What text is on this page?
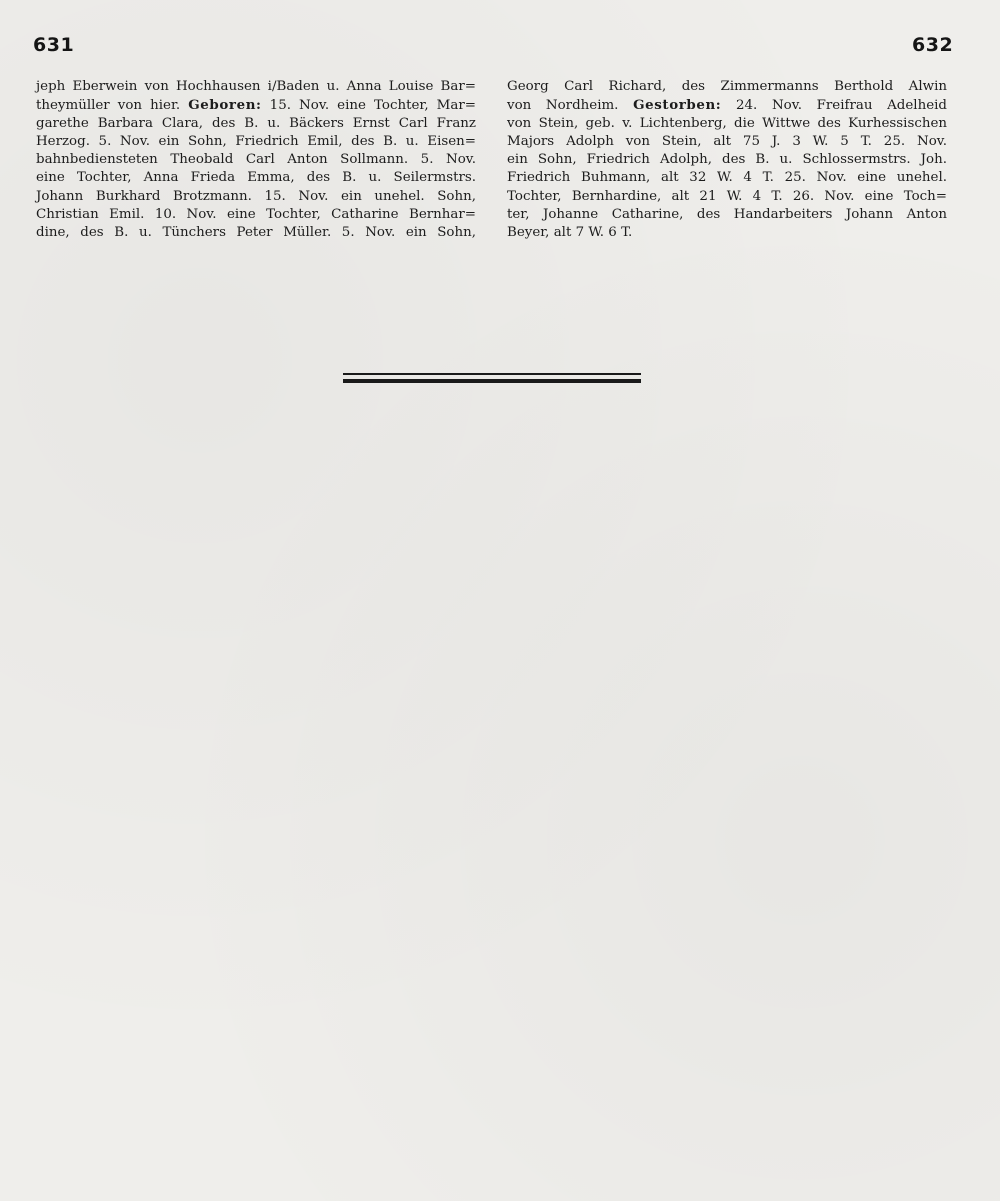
631	632
jeph Eberwein von Hochhausen i/Baden u. Anna Louise Bar=
theymüller von hier. Geboren: 15. Nov. eine Tochter, Mar=
garethe Barbara Clara, des B. u. Bäckers Ernst Carl Franz
Herzog. 5. Nov. ein Sohn, Friedrich Emil, des B. u. Eisen=
bahnbediensteten Theobald Carl Anton Sollmann. 5. Nov.
eine Tochter, Anna Frieda Emma, des B. u. Seilermstrs.
Johann Burkhard Brotzmann. 15. Nov. ein unehel. Sohn,
Christian Emil. 10. Nov. eine Tochter, Catharine Bernhar=
dine, des B. u. Tünchers Peter Müller. 5. Nov. ein Sohn,
Georg Carl Richard, des Zimmermanns Berthold Alwin
von Nordheim. Gestorben: 24. Nov. Freifrau Adelheid
von Stein, geb. v. Lichtenberg, die Wittwe des Kurhessischen
Majors Adolph von Stein, alt 75 J. 3 W. 5 T. 25. Nov.
ein Sohn, Friedrich Adolph, des B. u. Schlossermstrs. Joh.
Friedrich Buhmann, alt 32 W. 4 T. 25. Nov. eine unehel.
Tochter, Bernhardine, alt 21 W. 4 T. 26. Nov. eine Toch=
ter, Johanne Catharine, des Handarbeiters Johann Anton
Beyer, alt 7 W. 6 T.
